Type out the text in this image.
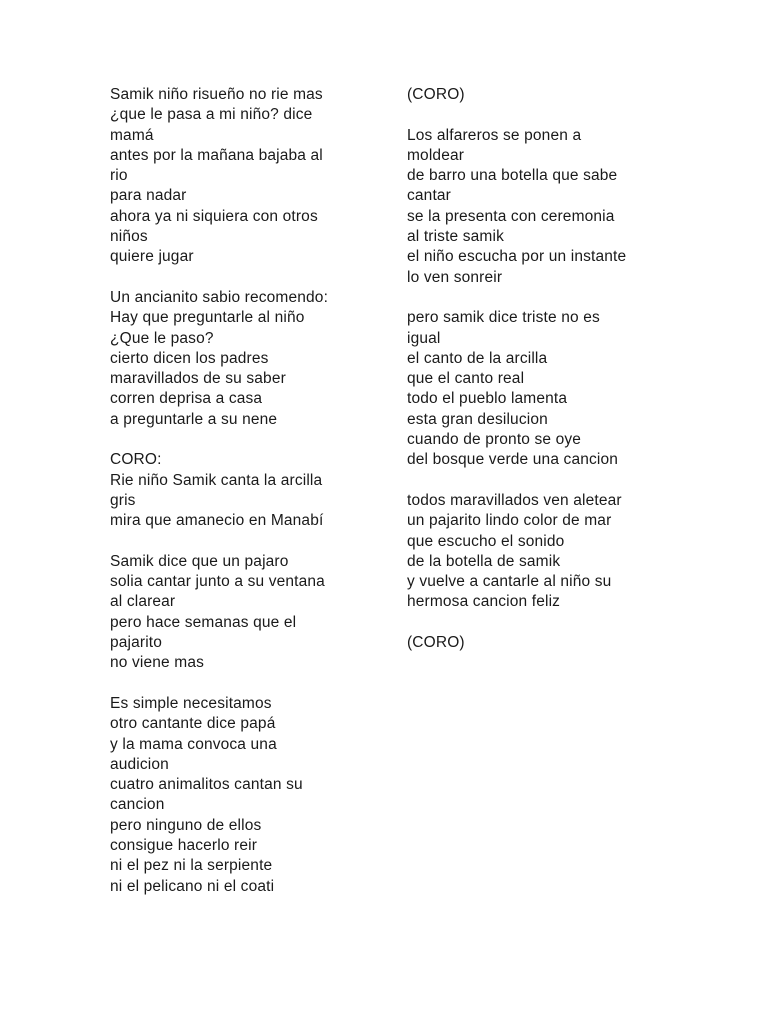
Samik niño risueño no rie mas
¿que le pasa a mi niño? dice
mamá
antes por la mañana bajaba al
rio
para nadar
ahora ya ni siquiera con otros
niños
quiere jugar
Un ancianito sabio recomendo:
Hay que preguntarle al niño
¿Que le paso?
cierto dicen los padres
maravillados de su saber
corren deprisa a casa
a preguntarle a su nene
CORO:
Rie niño Samik canta la arcilla
gris
mira que amanecio en Manabí
Samik dice que un pajaro
solia cantar junto a su ventana
al clarear
pero hace semanas que el
pajarito
no viene mas
Es simple necesitamos
otro cantante dice papá
y la mama convoca una
audicion
cuatro animalitos cantan su
cancion
pero ninguno de ellos
consigue hacerlo reir
ni el pez ni la serpiente
ni el pelicano ni el coati
(CORO)
Los alfareros se ponen a
moldear
de barro una botella que sabe
cantar
se la presenta con ceremonia
al triste samik
el niño escucha por un instante
lo ven sonreir
pero samik dice triste no es
igual
el canto de la arcilla
que el canto real
todo el pueblo lamenta
esta gran desilucion
cuando de pronto se oye
del bosque verde una cancion
todos maravillados ven aletear
un pajarito lindo color de mar
que escucho el sonido
de la botella de samik
y vuelve a cantarle al niño su
hermosa cancion feliz
(CORO)
